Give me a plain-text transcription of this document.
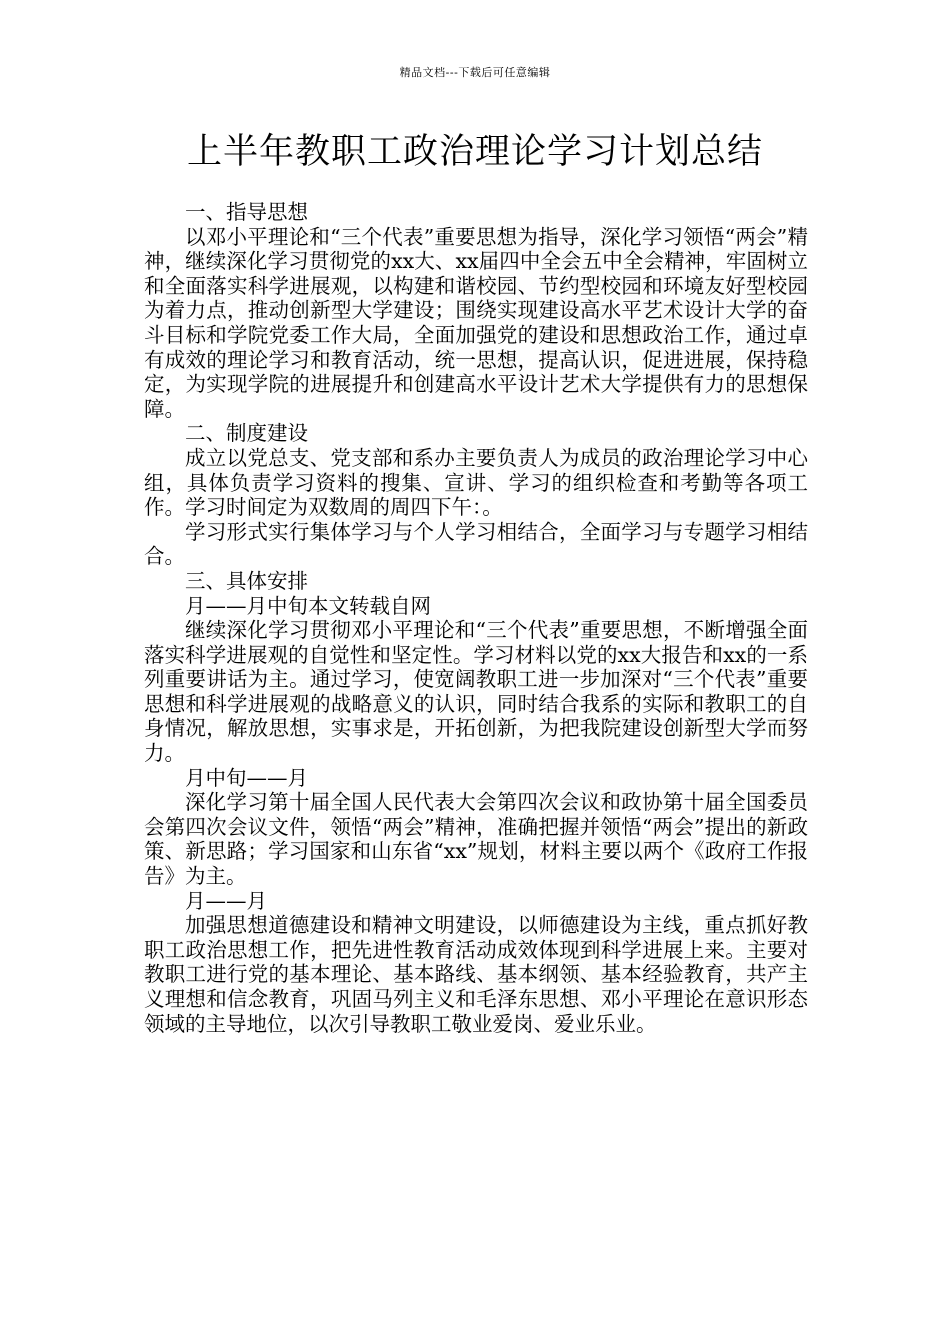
精品文档---下载后可任意编辑
上半年教职工政治理论学习计划总结

一、指导思想

以邓小平理论和“三个代表”重要思想为指导，深化学习领悟“两会”精神，继续深化学习贯彻党的xx大、xx届四中全会五中全会精神，牢固树立和全面落实科学进展观，以构建和谐校园、节约型校园和环境友好型校园为着力点，推动创新型大学建设；围绕实现建设高水平艺术设计大学的奋斗目标和学院党委工作大局，全面加强党的建设和思想政治工作，通过卓有成效的理论学习和教育活动，统一思想，提高认识，促进进展，保持稳定，为实现学院的进展提升和创建高水平设计艺术大学提供有力的思想保障。

二、制度建设

成立以党总支、党支部和系办主要负责人为成员的政治理论学习中心组，具体负责学习资料的搜集、宣讲、学习的组织检查和考勤等各项工作。学习时间定为双数周的周四下午：。

学习形式实行集体学习与个人学习相结合，全面学习与专题学习相结合。

三、具体安排

月——月中旬本文转载自网

继续深化学习贯彻邓小平理论和“三个代表”重要思想，不断增强全面落实科学进展观的自觉性和坚定性。学习材料以党的xx大报告和xx的一系列重要讲话为主。通过学习，使宽阔教职工进一步加深对“三个代表”重要思想和科学进展观的战略意义的认识，同时结合我系的实际和教职工的自身情况，解放思想，实事求是，开拓创新，为把我院建设创新型大学而努力。

月中旬——月

深化学习第十届全国人民代表大会第四次会议和政协第十届全国委员会第四次会议文件，领悟“两会”精神，准确把握并领悟“两会”提出的新政策、新思路；学习国家和山东省“xx”规划，材料主要以两个《政府工作报告》为主。

月——月

加强思想道德建设和精神文明建设，以师德建设为主线，重点抓好教职工政治思想工作，把先进性教育活动成效体现到科学进展上来。主要对教职工进行党的基本理论、基本路线、基本纲领、基本经验教育，共产主义理想和信念教育，巩固马列主义和毛泽东思想、邓小平理论在意识形态领域的主导地位，以次引导教职工敬业爱岗、爱业乐业。
